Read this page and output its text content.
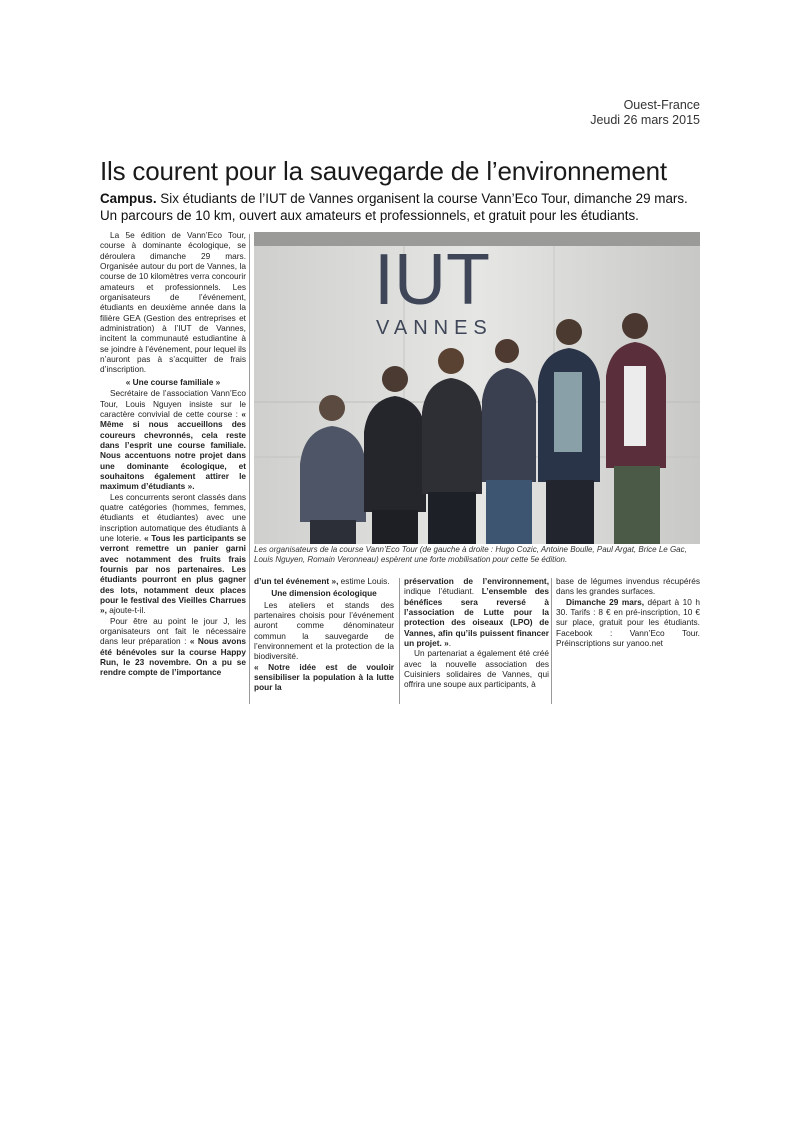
Ouest-France
Jeudi 26 mars 2015
Ils courent pour la sauvegarde de l’environnement
Campus. Six étudiants de l’IUT de Vannes organisent la course Vann’Eco Tour, dimanche 29 mars.
Un parcours de 10 km, ouvert aux amateurs et professionnels, et gratuit pour les étudiants.

La 5e édition de Vann’Eco Tour, course à dominante écologique, se déroulera dimanche 29 mars. Organisée autour du port de Vannes, la course de 10 kilomètres verra concourir amateurs et professionnels. Les organisateurs de l’événement, étudiants en deuxième année dans la filière GEA (Gestion des entreprises et administration) à l’IUT de Vannes, incitent la communauté estudiantine à se joindre à l’événement, pour lequel ils n’auront pas à s’acquitter de frais d’inscription.

« Une course familiale »

Secrétaire de l’association Vann’Eco Tour, Louis Nguyen insiste sur le caractère convivial de cette course : « Même si nous accueillons des coureurs chevronnés, cela reste dans l’esprit une course familiale. Nous accentuons notre projet dans une dominante écologique, et souhaitons également attirer le maximum d’étudiants ».

Les concurrents seront classés dans quatre catégories (hommes, femmes, étudiants et étudiantes) avec une inscription automatique des étudiants à une loterie. « Tous les participants se verront remettre un panier garni avec notamment des fruits frais fournis par nos partenaires. Les étudiants pourront en plus gagner des lots, notamment deux places pour le festival des Vieilles Charrues », ajoute-t-il.

Pour être au point le jour J, les organisateurs ont fait le nécessaire dans leur préparation : « Nous avons été bénévoles sur la course Happy Run, le 23 novembre. On a pu se rendre compte de l’importance

IUT
VANNES
Les organisateurs de la course Vann’Eco Tour (de gauche à droite : Hugo Cozic, Antoine Boulle, Paul Argat, Brice Le Gac, Louis Nguyen, Romain Veronneau) espèrent une forte mobilisation pour cette 5e édition.

d’un tel événement », estime Louis.

Une dimension écologique

Les ateliers et stands des partenaires choisis pour l’événement auront comme dénominateur commun la sauvegarde de l’environnement et la protection de la biodiversité.

« Notre idée est de vouloir sensibiliser la population à la lutte pour la

préservation de l’environnement, indique l’étudiant. L’ensemble des bénéfices sera reversé à l’association de Lutte pour la protection des oiseaux (LPO) de Vannes, afin qu’ils puissent financer un projet. ».

Un partenariat a également été créé avec la nouvelle association des Cuisiniers solidaires de Vannes, qui offrira une soupe aux participants, à

base de légumes invendus récupérés dans les grandes surfaces.

Dimanche 29 mars, départ à 10 h 30. Tarifs : 8 € en pré-inscription, 10 € sur place, gratuit pour les étudiants. Facebook : Vann’Eco Tour. Préinscriptions sur yanoo.net
